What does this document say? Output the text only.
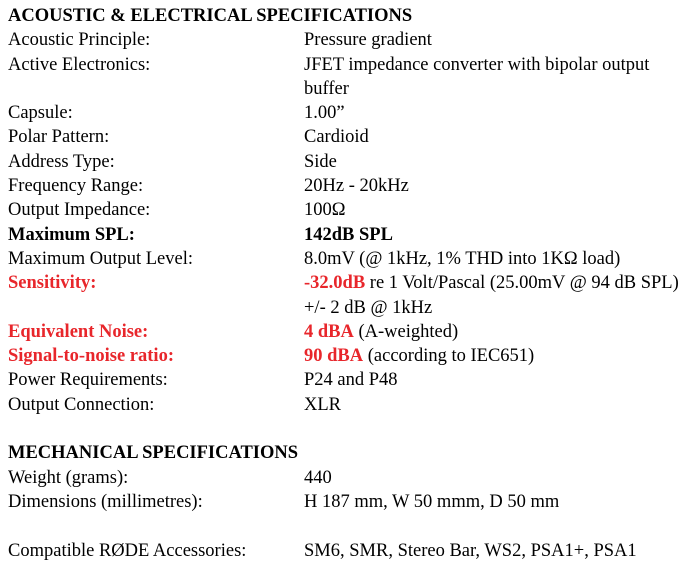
ACOUSTIC & ELECTRICAL SPECIFICATIONS
Acoustic Principle:	Pressure gradient
Active Electronics:	JFET impedance converter with bipolar output buffer
Capsule:	1.00”
Polar Pattern:	Cardioid
Address Type:	Side
Frequency Range:	20Hz - 20kHz
Output Impedance:	100Ω
Maximum SPL:	142dB SPL
Maximum Output Level:	8.0mV (@ 1kHz, 1% THD into 1KΩ load)
Sensitivity:	-32.0dB re 1 Volt/Pascal (25.00mV @ 94 dB SPL) +/- 2 dB @ 1kHz
Equivalent Noise:	4 dBA (A-weighted)
Signal-to-noise ratio:	90 dBA (according to IEC651)
Power Requirements:	P24 and P48
Output Connection:	XLR
MECHANICAL SPECIFICATIONS
Weight (grams):	440
Dimensions (millimetres):	H 187 mm, W 50 mmm, D 50 mm
Compatible RØDE Accessories:	SM6, SMR, Stereo Bar, WS2, PSA1+, PSA1
